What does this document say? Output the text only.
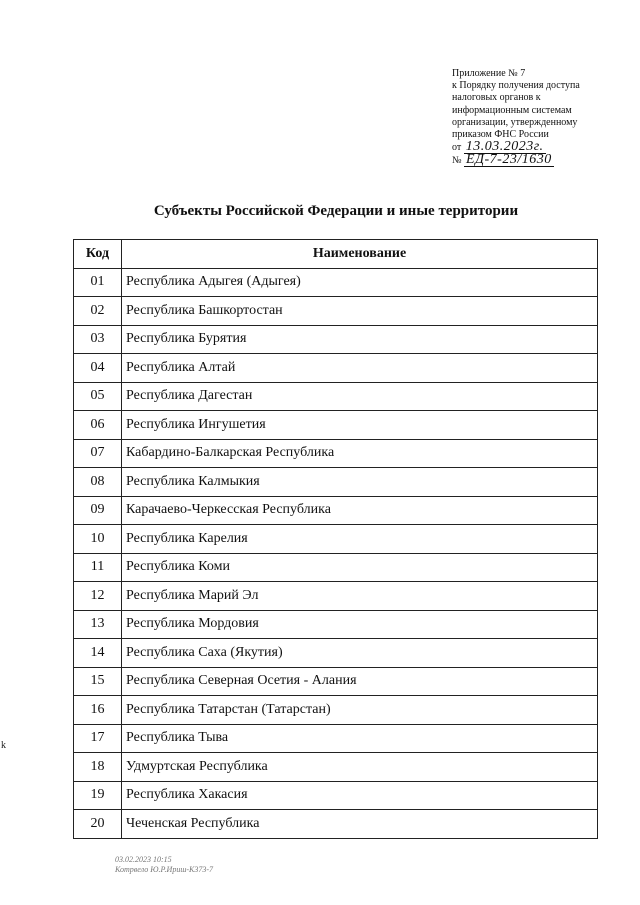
Приложение № 7
к Порядку получения доступа
налоговых органов к
информационным системам
организации, утвержденному
приказом ФНС России
от 13.03.2023г.
№ ЕД-7-23/1630
Субъекты Российской Федерации и иные территории
Код	Наименование
01	Республика Адыгея (Адыгея)
02	Республика Башкортостан
03	Республика Бурятия
04	Республика Алтай
05	Республика Дагестан
06	Республика Ингушетия
07	Кабардино-Балкарская Республика
08	Республика Калмыкия
09	Карачаево-Черкесская Республика
10	Республика Карелия
11	Республика Коми
12	Республика Марий Эл
13	Республика Мордовия
14	Республика Саха (Якутия)
15	Республика Северная Осетия - Алания
16	Республика Татарстан (Татарстан)
17	Республика Тыва
18	Удмуртская Республика
19	Республика Хакасия
20	Чеченская Республика
03.02.2023 10:15
Котрвело Ю.Р.Ириш-К373-7
k
